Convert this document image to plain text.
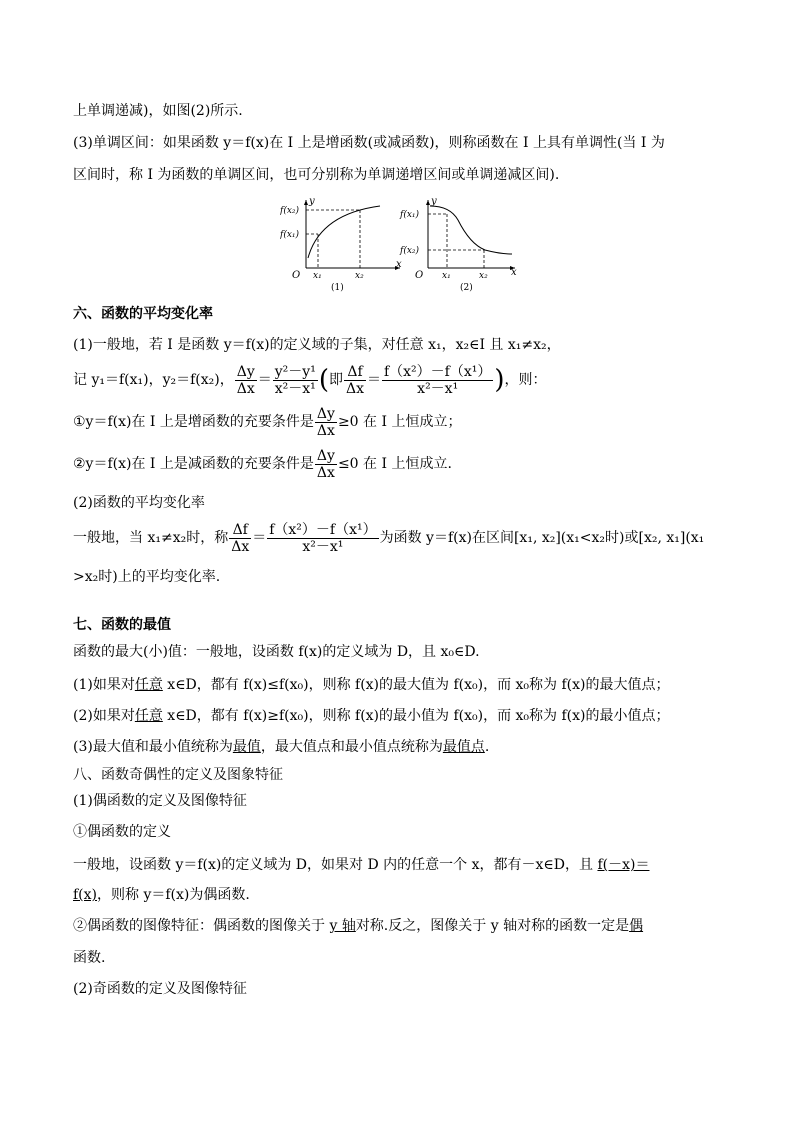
上单调递减)，如图(2)所示.
(3)单调区间：如果函数 y＝f(x)在 I 上是增函数(或减函数)，则称函数在 I 上具有单调性(当 I 为
区间时，称 I 为函数的单调区间，也可分别称为单调递增区间或单调递减区间).
y
x
O
f(x₂)
f(x₁)
x₁	x₂
(1)
y
x
O
f(x₁)
f(x₂)
x₁	x₂
(2)
六、函数的平均变化率
(1)一般地，若 I 是函数 y＝f(x)的定义域的子集，对任意 x₁，x₂∈I 且 x₁≠x₂，
记 y₁＝f(x₁)，y₂＝f(x₂)， $\frac{\Delta y}{\Delta x} = \frac{\text{y²－y¹}}{\text{x²－x¹}}$ (即 $\frac{\Delta f}{\Delta x} = \frac{\text{f（x²）－f（x¹）}}{\text{x²－x¹}}$ )，则：
①y＝f(x)在 I 上是增函数的充要条件是 $\frac{\Delta y}{\Delta x} \ge 0$ 在 I 上恒成立；
②y＝f(x)在 I 上是减函数的充要条件是 $\frac{\Delta y}{\Delta x} \le 0$ 在 I 上恒成立.
(2)函数的平均变化率
一般地，当 x₁≠x₂时，称 $\frac{\Delta f}{\Delta x} = \frac{\text{f（x²）－f（x¹）}}{\text{x²－x¹}}$ 为函数 y＝f(x)在区间[x₁, x₂](x₁<x₂时)或[x₂, x₁](x₁
>x₂时)上的平均变化率.
七、函数的最值
函数的最大(小)值：一般地，设函数 f(x)的定义域为 D，且 x₀∈D.
(1)如果对任意 x∈D，都有 f(x)≤f(x₀)，则称 f(x)的最大值为 f(x₀)，而 x₀称为 f(x)的最大值点；
(2)如果对任意 x∈D，都有 f(x)≥f(x₀)，则称 f(x)的最小值为 f(x₀)，而 x₀称为 f(x)的最小值点；
(3)最大值和最小值统称为最值，最大值点和最小值点统称为最值点.
八、函数奇偶性的定义及图象特征
(1)偶函数的定义及图像特征
①偶函数的定义
一般地，设函数 y＝f(x)的定义域为 D，如果对 D 内的任意一个 x，都有－x∈D，且 f(－x)＝
f(x)，则称 y＝f(x)为偶函数.
②偶函数的图像特征：偶函数的图像关于 y 轴对称.反之，图像关于 y 轴对称的函数一定是偶
函数.
(2)奇函数的定义及图像特征
